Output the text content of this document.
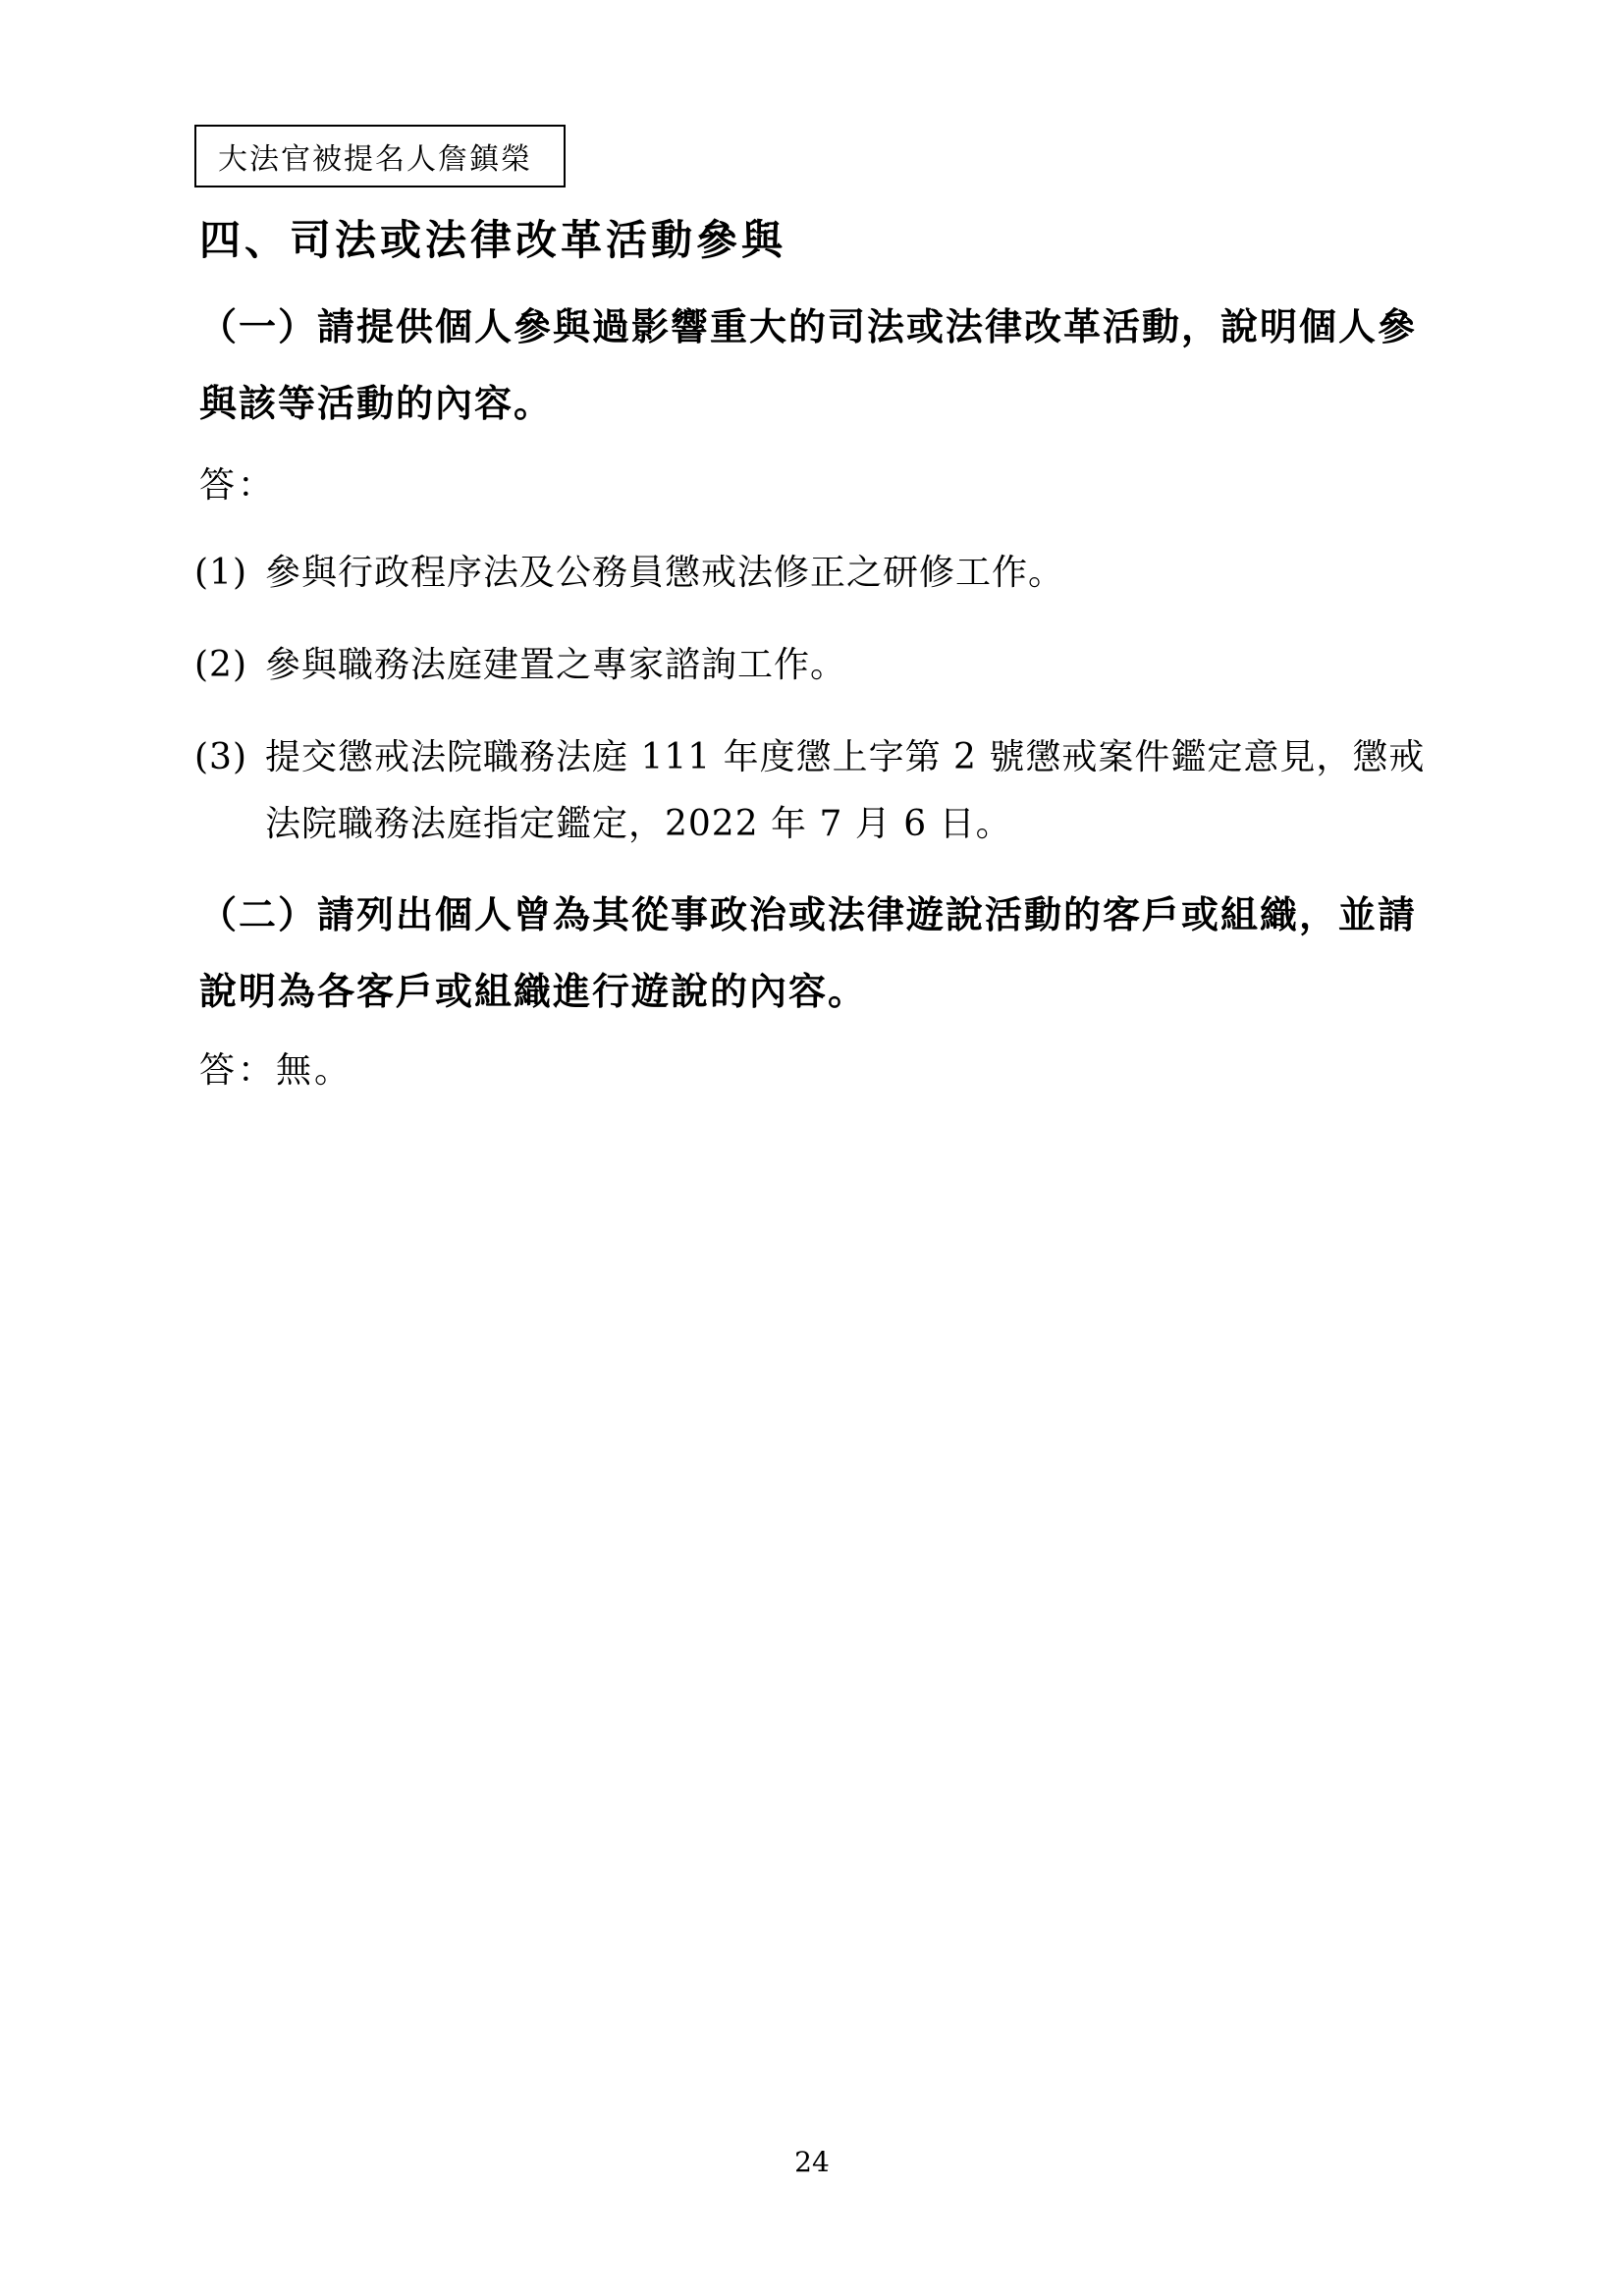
大法官被提名人詹鎮榮
四、司法或法律改革活動參與
（一）請提供個人參與過影響重大的司法或法律改革活動，說明個人參與該等活動的內容。
答：
(1) 參與行政程序法及公務員懲戒法修正之研修工作。
(2) 參與職務法庭建置之專家諮詢工作。
(3) 提交懲戒法院職務法庭 111 年度懲上字第 2 號懲戒案件鑑定意見，懲戒法院職務法庭指定鑑定，2022 年 7 月 6 日。
（二）請列出個人曾為其從事政治或法律遊說活動的客戶或組織，並請說明為各客戶或組織進行遊說的內容。
答：無。
24
